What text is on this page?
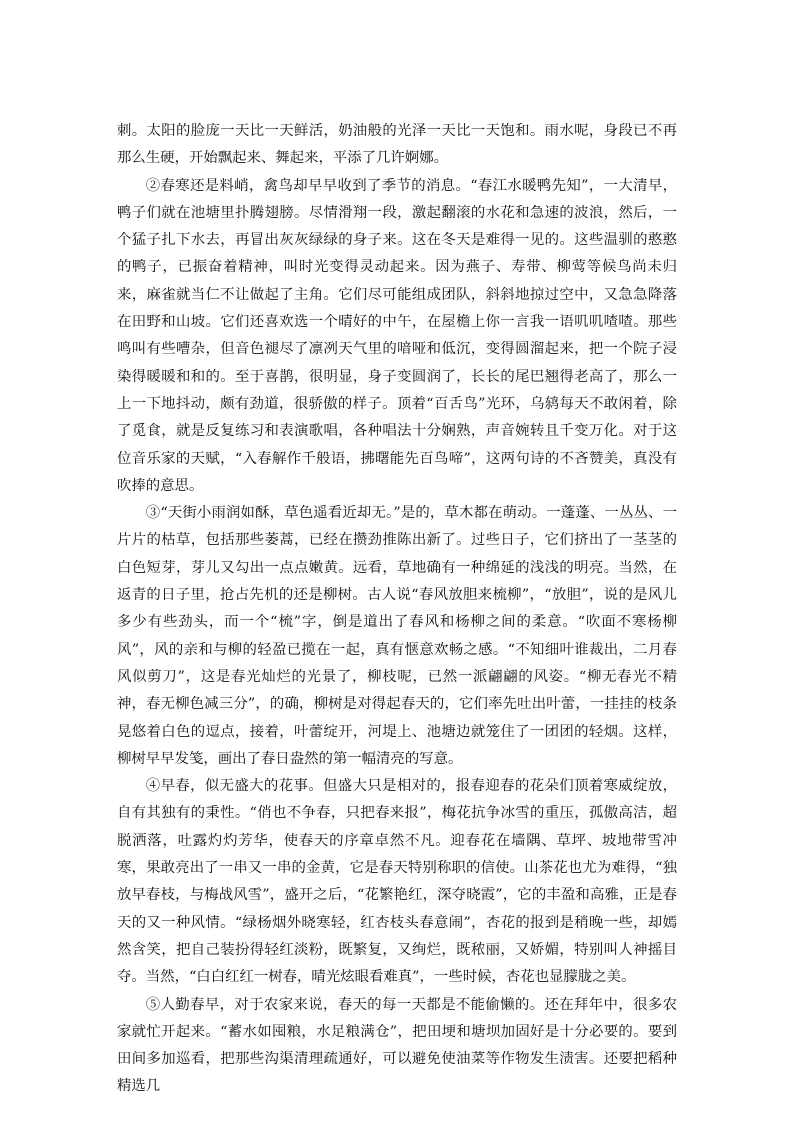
刺。太阳的脸庞一天比一天鲜活，奶油般的光泽一天比一天饱和。雨水呢，身段已不再那么生硬，开始飘起来、舞起来，平添了几许婀娜。

②春寒还是料峭，禽鸟却早早收到了季节的消息。“春江水暖鸭先知”，一大清早，鸭子们就在池塘里扑腾翅膀。尽情滑翔一段，激起翻滚的水花和急速的波浪，然后，一个猛子扎下水去，再冒出灰灰绿绿的身子来。这在冬天是难得一见的。这些温驯的憨憨的鸭子，已振奋着精神，叫时光变得灵动起来。因为燕子、寿带、柳莺等候鸟尚未归来，麻雀就当仁不让做起了主角。它们尽可能组成团队，斜斜地掠过空中，又急急降落在田野和山坡。它们还喜欢选一个晴好的中午，在屋檐上你一言我一语叽叽喳喳。那些鸣叫有些嘈杂，但音色褪尽了凛冽天气里的喑哑和低沉，变得圆溜起来，把一个院子浸染得暖暖和和的。至于喜鹊，很明显，身子变圆润了，长长的尾巴翘得老高了，那么一上一下地抖动，颇有劲道，很骄傲的样子。顶着“百舌鸟”光环，乌鸫每天不敢闲着，除了觅食，就是反复练习和表演歌唱，各种唱法十分娴熟，声音婉转且千变万化。对于这位音乐家的天赋，“入春解作千般语，拂曙能先百鸟啼”，这两句诗的不吝赞美，真没有吹捧的意思。

③“天街小雨润如酥，草色遥看近却无。”是的，草木都在萌动。一蓬蓬、一丛丛、一片片的枯草，包括那些萎蒿，已经在攒劲推陈出新了。过些日子，它们挤出了一茎茎的白色短芽，芽儿又勾出一点点嫩黄。远看，草地确有一种绵延的浅浅的明亮。当然，在返青的日子里，抢占先机的还是柳树。古人说“春风放胆来梳柳”，“放胆”，说的是风儿多少有些劲头，而一个“梳”字，倒是道出了春风和杨柳之间的柔意。“吹面不寒杨柳风”，风的亲和与柳的轻盈已揽在一起，真有惬意欢畅之感。“不知细叶谁裁出，二月春风似剪刀”，这是春光灿烂的光景了，柳枝呢，已然一派翩翩的风姿。“柳无春光不精神，春无柳色减三分”，的确，柳树是对得起春天的，它们率先吐出叶蕾，一挂挂的枝条晃悠着白色的逗点，接着，叶蕾绽开，河堤上、池塘边就笼住了一团团的轻烟。这样，柳树早早发笺，画出了春日盎然的第一幅清亮的写意。

④早春，似无盛大的花事。但盛大只是相对的，报春迎春的花朵们顶着寒威绽放，自有其独有的秉性。“俏也不争春，只把春来报”，梅花抗争冰雪的重压，孤傲高洁，超脱洒落，吐露灼灼芳华，使春天的序章卓然不凡。迎春花在墙隅、草坪、坡地带雪冲寒，果敢亮出了一串又一串的金黄，它是春天特别称职的信使。山茶花也尤为难得，“独放早春枝，与梅战风雪”，盛开之后，“花繁艳红，深夺晓霞”，它的丰盈和高雅，正是春天的又一种风情。“绿杨烟外晓寒轻，红杏枝头春意闹”，杏花的报到是稍晚一些，却嫣然含笑，把自己装扮得轻红淡粉，既繁复，又绚烂，既秾丽，又娇媚，特别叫人神摇目夺。当然，“白白红红一树春，晴光炫眼看难真”，一些时候，杏花也显朦胧之美。

⑤人勤春早，对于农家来说，春天的每一天都是不能偷懒的。还在拜年中，很多农家就忙开起来。“蓄水如囤粮，水足粮满仓”，把田埂和塘坝加固好是十分必要的。要到田间多加巡看，把那些沟渠清理疏通好，可以避免使油菜等作物发生渍害。还要把稻种精选几
